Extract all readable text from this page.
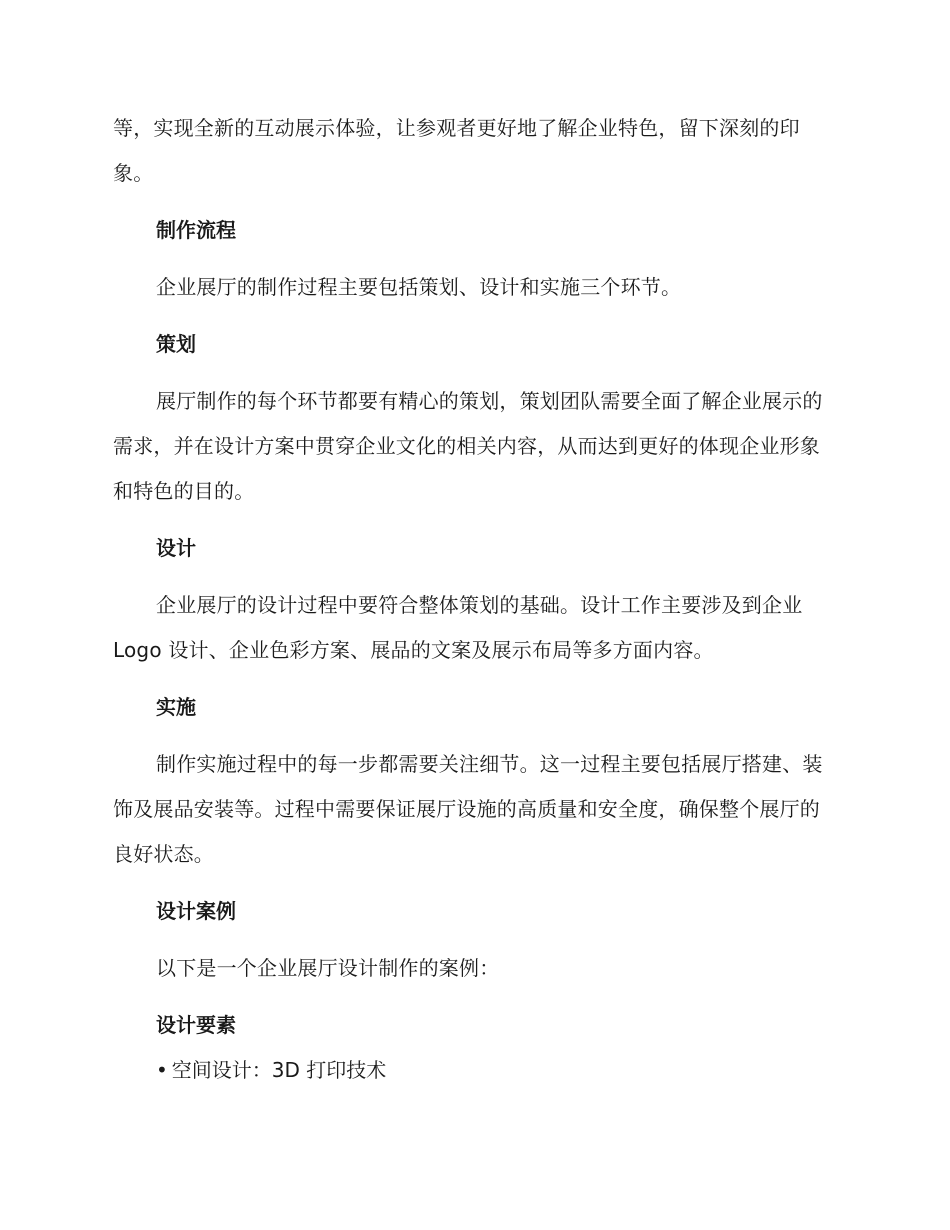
等，实现全新的互动展示体验，让参观者更好地了解企业特色，留下深刻的印象。

制作流程

企业展厅的制作过程主要包括策划、设计和实施三个环节。

策划

展厅制作的每个环节都要有精心的策划，策划团队需要全面了解企业展示的需求，并在设计方案中贯穿企业文化的相关内容，从而达到更好的体现企业形象和特色的目的。

设计

企业展厅的设计过程中要符合整体策划的基础。设计工作主要涉及到企业 Logo 设计、企业色彩方案、展品的文案及展示布局等多方面内容。

实施

制作实施过程中的每一步都需要关注细节。这一过程主要包括展厅搭建、装饰及展品安装等。过程中需要保证展厅设施的高质量和安全度，确保整个展厅的良好状态。

设计案例

以下是一个企业展厅设计制作的案例：

设计要素

• 空间设计：3D 打印技术
